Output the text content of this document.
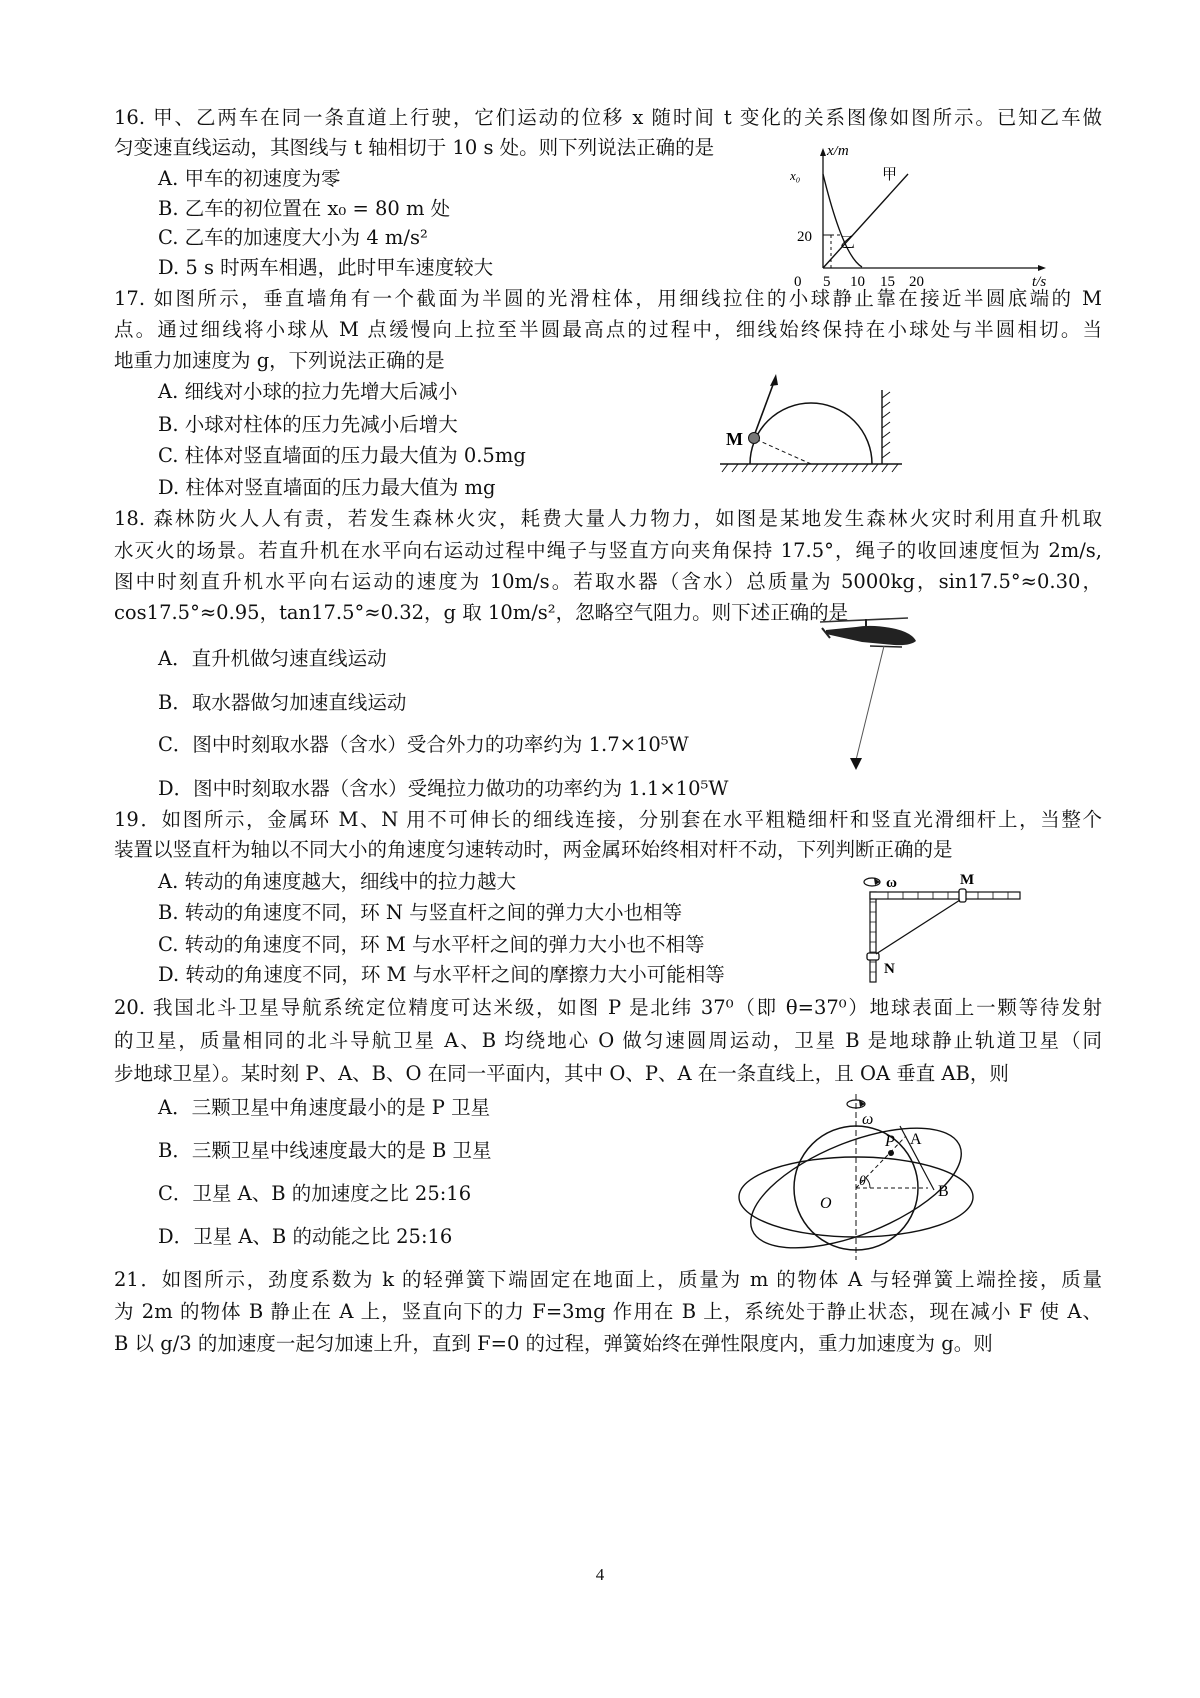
16. 甲、乙两车在同一条直道上行驶，它们运动的位移 x 随时间 t 变化的关系图像如图所示。已知乙车做
匀变速直线运动，其图线与 t 轴相切于 10 s 处。则下列说法正确的是
A. 甲车的初速度为零
B. 乙车的初位置在 x₀ = 80 m 处
C. 乙车的加速度大小为 4 m/s²
D. 5 s 时两车相遇，此时甲车速度较大
x/m
t/s
x₀
20
0 5 10 15 20
甲
乙
17. 如图所示，垂直墙角有一个截面为半圆的光滑柱体，用细线拉住的小球静止靠在接近半圆底端的 M
点。通过细线将小球从 M 点缓慢向上拉至半圆最高点的过程中，细线始终保持在小球处与半圆相切。当
地重力加速度为 g，下列说法正确的是
A. 细线对小球的拉力先增大后减小
B. 小球对柱体的压力先减小后增大
C. 柱体对竖直墙面的压力最大值为 0.5mg
D. 柱体对竖直墙面的压力最大值为 mg
M
18. 森林防火人人有责，若发生森林火灾，耗费大量人力物力，如图是某地发生森林火灾时利用直升机取
水灭火的场景。若直升机在水平向右运动过程中绳子与竖直方向夹角保持 17.5°，绳子的收回速度恒为 2m/s,
图中时刻直升机水平向右运动的速度为 10m/s。若取水器（含水）总质量为 5000kg，sin17.5°≈0.30，
cos17.5°≈0.95，tan17.5°≈0.32，g 取 10m/s²，忽略空气阻力。则下述正确的是
A．直升机做匀速直线运动
B．取水器做匀加速直线运动
C．图中时刻取水器（含水）受合外力的功率约为 1.7×10⁵W
D．图中时刻取水器（含水）受绳拉力做功的功率约为 1.1×10⁵W
19．如图所示，金属环 M、N 用不可伸长的细线连接，分别套在水平粗糙细杆和竖直光滑细杆上，当整个
装置以竖直杆为轴以不同大小的角速度匀速转动时，两金属环始终相对杆不动，下列判断正确的是
A. 转动的角速度越大，细线中的拉力越大
B. 转动的角速度不同，环 N 与竖直杆之间的弹力大小也相等
C. 转动的角速度不同，环 M 与水平杆之间的弹力大小也不相等
D. 转动的角速度不同，环 M 与水平杆之间的摩擦力大小可能相等
ω	M
N
20. 我国北斗卫星导航系统定位精度可达米级，如图 P 是北纬 37⁰（即 θ=37⁰）地球表面上一颗等待发射
的卫星，质量相同的北斗导航卫星 A、B 均绕地心 O 做匀速圆周运动，卫星 B 是地球静止轨道卫星（同
步地球卫星）。某时刻 P、A、B、O 在同一平面内，其中 O、P、A 在一条直线上，且 OA 垂直 AB，则
A．三颗卫星中角速度最小的是 P 卫星
B．三颗卫星中线速度最大的是 B 卫星
C．卫星 A、B 的加速度之比 25:16
D．卫星 A、B 的动能之比 25:16
ω
P A
B
O
θ
21．如图所示，劲度系数为 k 的轻弹簧下端固定在地面上，质量为 m 的物体 A 与轻弹簧上端拴接，质量
为 2m 的物体 B 静止在 A 上，竖直向下的力 F=3mg 作用在 B 上，系统处于静止状态，现在减小 F 使 A、
B 以 g/3 的加速度一起匀加速上升，直到 F=0 的过程，弹簧始终在弹性限度内，重力加速度为 g。则
4
